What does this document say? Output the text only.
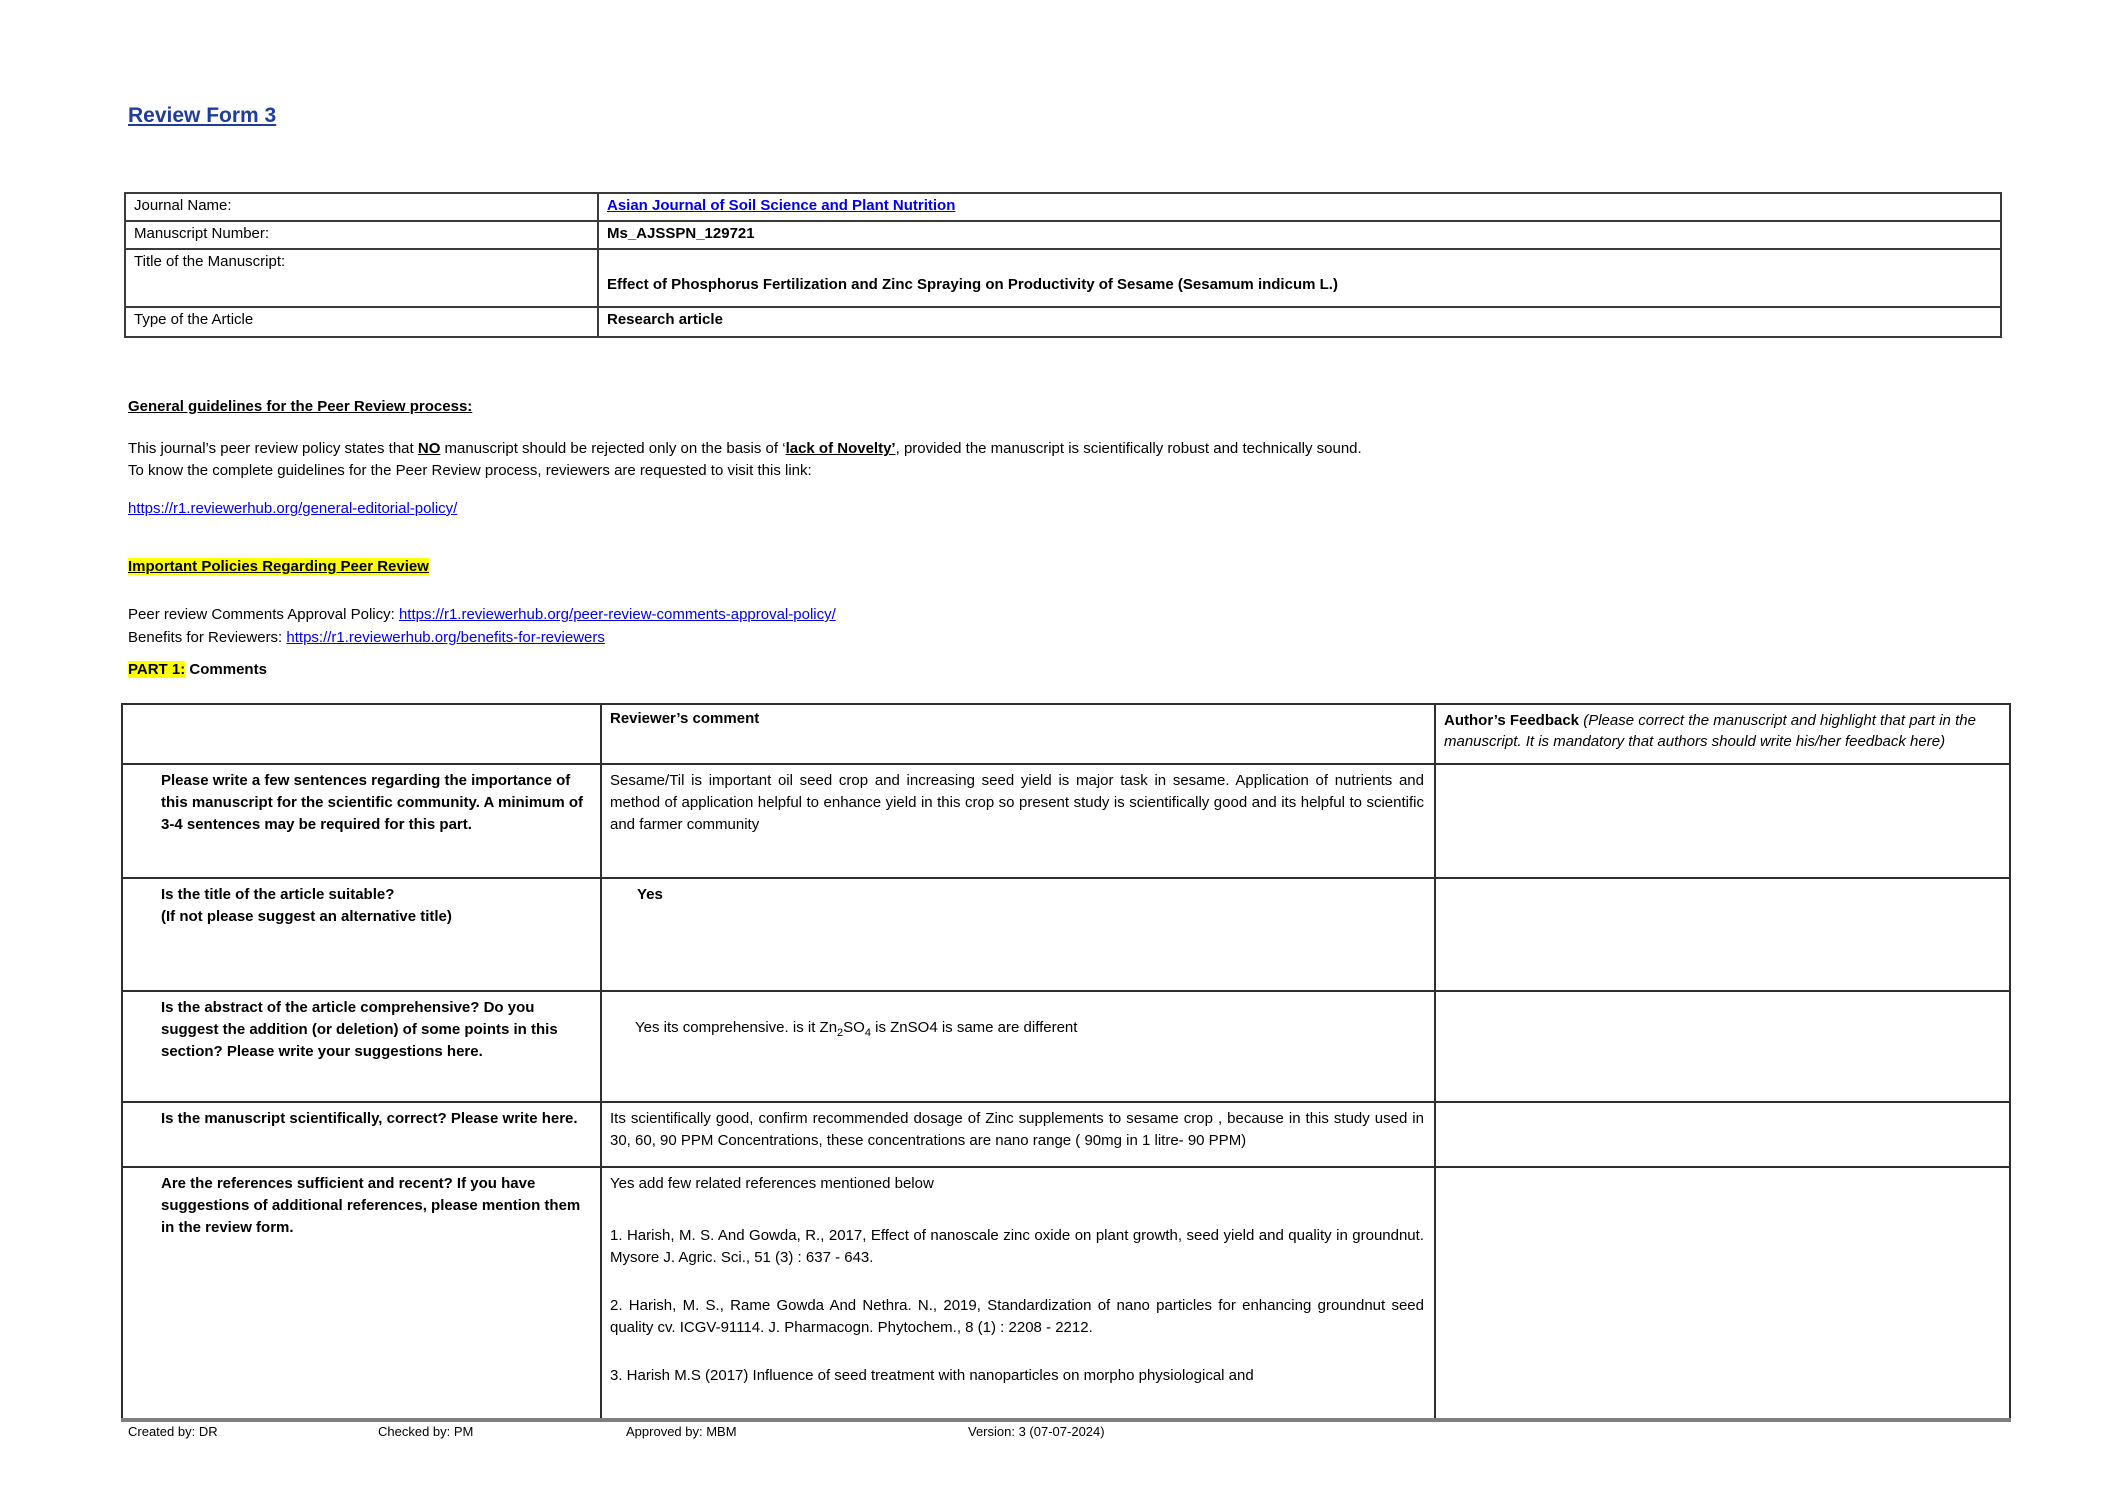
Review Form 3
Journal Name:	Asian Journal of Soil Science and Plant Nutrition
Manuscript Number:	Ms_AJSSPN_129721
Title of the Manuscript:	Effect of Phosphorus Fertilization and Zinc Spraying on Productivity of Sesame (Sesamum indicum L.)
Type of the Article	Research article
General guidelines for the Peer Review process:
This journal’s peer review policy states that NO manuscript should be rejected only on the basis of ‘lack of Novelty’, provided the manuscript is scientifically robust and technically sound.
To know the complete guidelines for the Peer Review process, reviewers are requested to visit this link:
https://r1.reviewerhub.org/general-editorial-policy/
Important Policies Regarding Peer Review
Peer review Comments Approval Policy: https://r1.reviewerhub.org/peer-review-comments-approval-policy/
Benefits for Reviewers: https://r1.reviewerhub.org/benefits-for-reviewers
PART 1: Comments
	Reviewer’s comment	Author’s Feedback (Please correct the manuscript and highlight that part in the manuscript. It is mandatory that authors should write his/her feedback here)
Please write a few sentences regarding the importance of this manuscript for the scientific community. A minimum of 3-4 sentences may be required for this part.	Sesame/Til is important oil seed crop and increasing seed yield is major task in sesame. Application of nutrients and method of application helpful to enhance yield in this crop so present study is scientifically good and its helpful to scientific and farmer community	
Is the title of the article suitable?
(If not please suggest an alternative title)	Yes	
Is the abstract of the article comprehensive? Do you suggest the addition (or deletion) of some points in this section? Please write your suggestions here.	Yes its comprehensive. is it $Zn_2SO_4$ is ZnSO4 is same are different	
Is the manuscript scientifically, correct? Please write here.	Its scientifically good, confirm recommended dosage of Zinc supplements to sesame crop , because in this study used in 30, 60, 90 PPM Concentrations, these concentrations are nano range ( 90mg in 1 litre- 90 PPM)	
Are the references sufficient and recent? If you have suggestions of additional references, please mention them in the review form.	Yes add few related references mentioned below

1. Harish, M. S. And Gowda, R., 2017, Effect of nanoscale zinc oxide on plant growth, seed yield and quality in groundnut. Mysore J. Agric. Sci., 51 (3) : 637 - 643.

2. Harish, M. S., Rame Gowda And Nethra. N., 2019, Standardization of nano particles for enhancing groundnut seed quality cv. ICGV-91114. J. Pharmacogn. Phytochem., 8 (1) : 2208 - 2212.

3. Harish M.S (2017) Influence of seed treatment with nanoparticles on morpho physiological and	

Created by: DR	Checked by: PM	Approved by: MBM	Version: 3 (07-07-2024)
